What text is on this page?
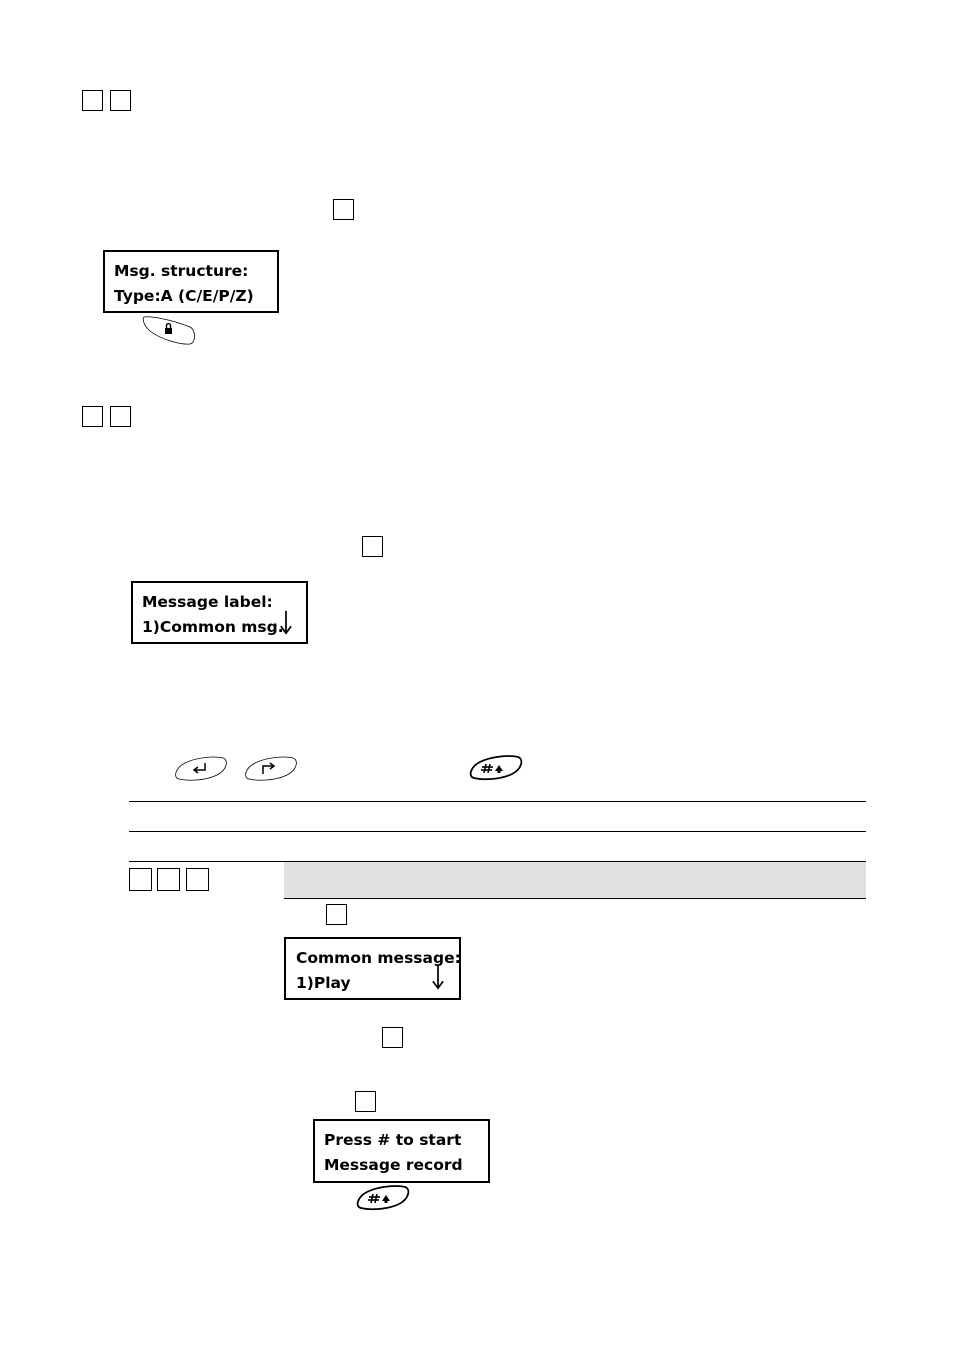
Msg. structure:
Type:A (C/E/P/Z)
Message label:
1)Common msg.
Common message:
1)Play
Press # to start
Message record
